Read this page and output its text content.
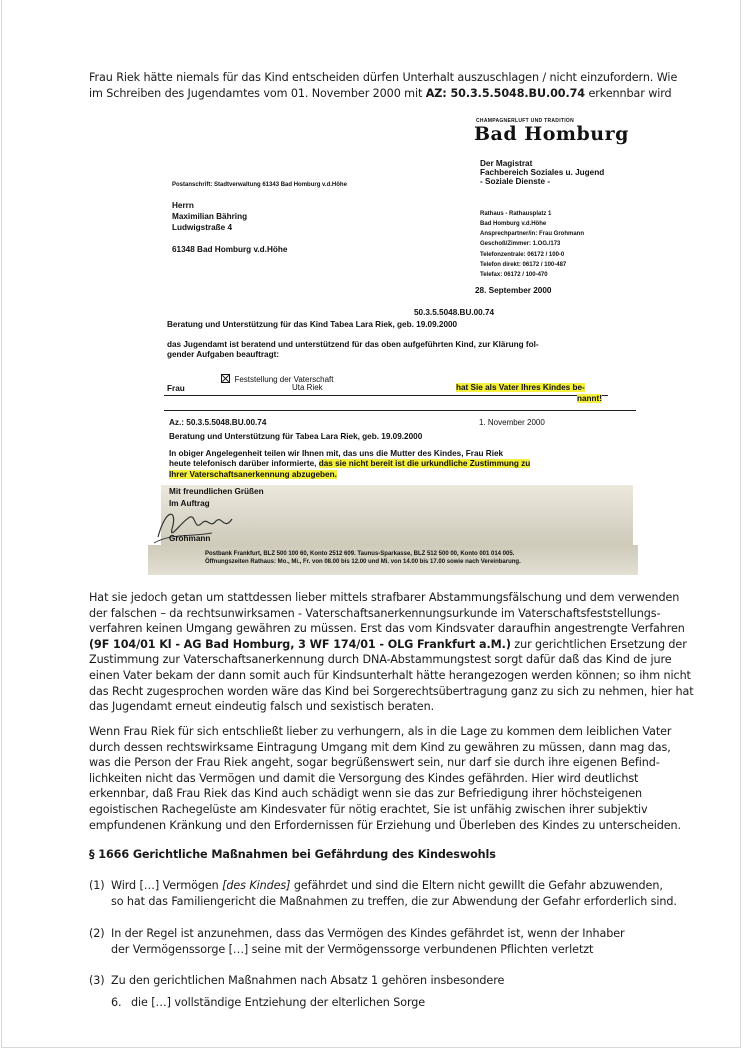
Frau Riek hätte niemals für das Kind entscheiden dürfen Unterhalt auszuschlagen / nicht einzufordern. Wie
im Schreiben des Jugendamtes vom 01. November 2000 mit AZ: 50.3.5.5048.BU.00.74 erkennbar wird
CHAMPAGNERLUFT UND TRADITION
Bad Homburg
Der Magistrat
Fachbereich Soziales u. Jugend
- Soziale Dienste -
Postanschrift: Stadtverwaltung 61343 Bad Homburg v.d.Höhe
Herrn
Maximilian Bähring
Ludwigstraße 4
61348 Bad Homburg v.d.Höhe
Rathaus - Rathausplatz 1
Bad Homburg v.d.Höhe
Ansprechpartner/in: Frau Grohmann
Geschoß/Zimmer: 1.OG./173
Telefonzentrale: 06172 / 100-0
Telefon direkt: 06172 / 100-487
Telefax: 06172 / 100-470
28. September 2000
50.3.5.5048.BU.00.74
Beratung und Unterstützung für das Kind Tabea Lara Riek, geb. 19.09.2000
das Jugendamt ist beratend und unterstützend für das oben aufgeführten Kind, zur Klärung fol-
gender Aufgaben beauftragt:
Feststellung der Vaterschaft
Frau	Uta Riek	hat Sie als Vater Ihres Kindes be-
nannt!
Az.: 50.3.5.5048.BU.00.74	1. November 2000
Beratung und Unterstützung für Tabea Lara Riek, geb. 19.09.2000
In obiger Angelegenheit teilen wir Ihnen mit, das uns die Mutter des Kindes, Frau Riek
heute telefonisch darüber informierte, das sie nicht bereit ist die urkundliche Zustimmung zu
Ihrer Vaterschaftsanerkennung abzugeben.
Mit freundlichen Grüßen
Im Auftrag
Grohmann
Postbank Frankfurt, BLZ 500 100 60, Konto 2512 609. Taunus-Sparkasse, BLZ 512 500 00, Konto 001 014 005.
Öffnungszeiten Rathaus: Mo., Mi., Fr. von 08.00 bis 12.00 und Mi. von 14.00 bis 17.00 sowie nach Vereinbarung.
Hat sie jedoch getan um stattdessen lieber mittels strafbarer Abstammungsfälschung und dem verwenden
der falschen – da rechtsunwirksamen - Vaterschaftsanerkennungsurkunde im Vaterschaftsfeststellungs-
verfahren keinen Umgang gewähren zu müssen. Erst das vom Kindsvater daraufhin angestrengte Verfahren
(9F 104/01 Kl - AG Bad Homburg, 3 WF 174/01 - OLG Frankfurt a.M.) zur gerichtlichen Ersetzung der
Zustimmung zur Vaterschaftsanerkennung durch DNA-Abstammungstest sorgt dafür daß das Kind de jure
einen Vater bekam der dann somit auch für Kindsunterhalt hätte herangezogen werden können; so ihm nicht
das Recht zugesprochen worden wäre das Kind bei Sorgerechtsübertragung ganz zu sich zu nehmen, hier hat
das Jugendamt erneut eindeutig falsch und sexistisch beraten.
Wenn Frau Riek für sich entschließt lieber zu verhungern, als in die Lage zu kommen dem leiblichen Vater
durch dessen rechtswirksame Eintragung Umgang mit dem Kind zu gewähren zu müssen, dann mag das,
was die Person der Frau Riek angeht, sogar begrüßenswert sein, nur darf sie durch ihre eigenen Befind-
lichkeiten nicht das Vermögen und damit die Versorgung des Kindes gefährden. Hier wird deutlichst
erkennbar, daß Frau Riek das Kind auch schädigt wenn sie das zur Befriedigung ihrer höchsteigenen
egoistischen Rachegelüste am Kindesvater für nötig erachtet, Sie ist unfähig zwischen ihrer subjektiv
empfundenen Kränkung und den Erfordernissen für Erziehung und Überleben des Kindes zu unterscheiden.
§ 1666 Gerichtliche Maßnahmen bei Gefährdung des Kindeswohls
(1) Wird […] Vermögen [des Kindes] gefährdet und sind die Eltern nicht gewillt die Gefahr abzuwenden,
so hat das Familiengericht die Maßnahmen zu treffen, die zur Abwendung der Gefahr erforderlich sind.
(2) In der Regel ist anzunehmen, dass das Vermögen des Kindes gefährdet ist, wenn der Inhaber
der Vermögenssorge […] seine mit der Vermögenssorge verbundenen Pflichten verletzt
(3) Zu den gerichtlichen Maßnahmen nach Absatz 1 gehören insbesondere
6. die […] vollständige Entziehung der elterlichen Sorge
